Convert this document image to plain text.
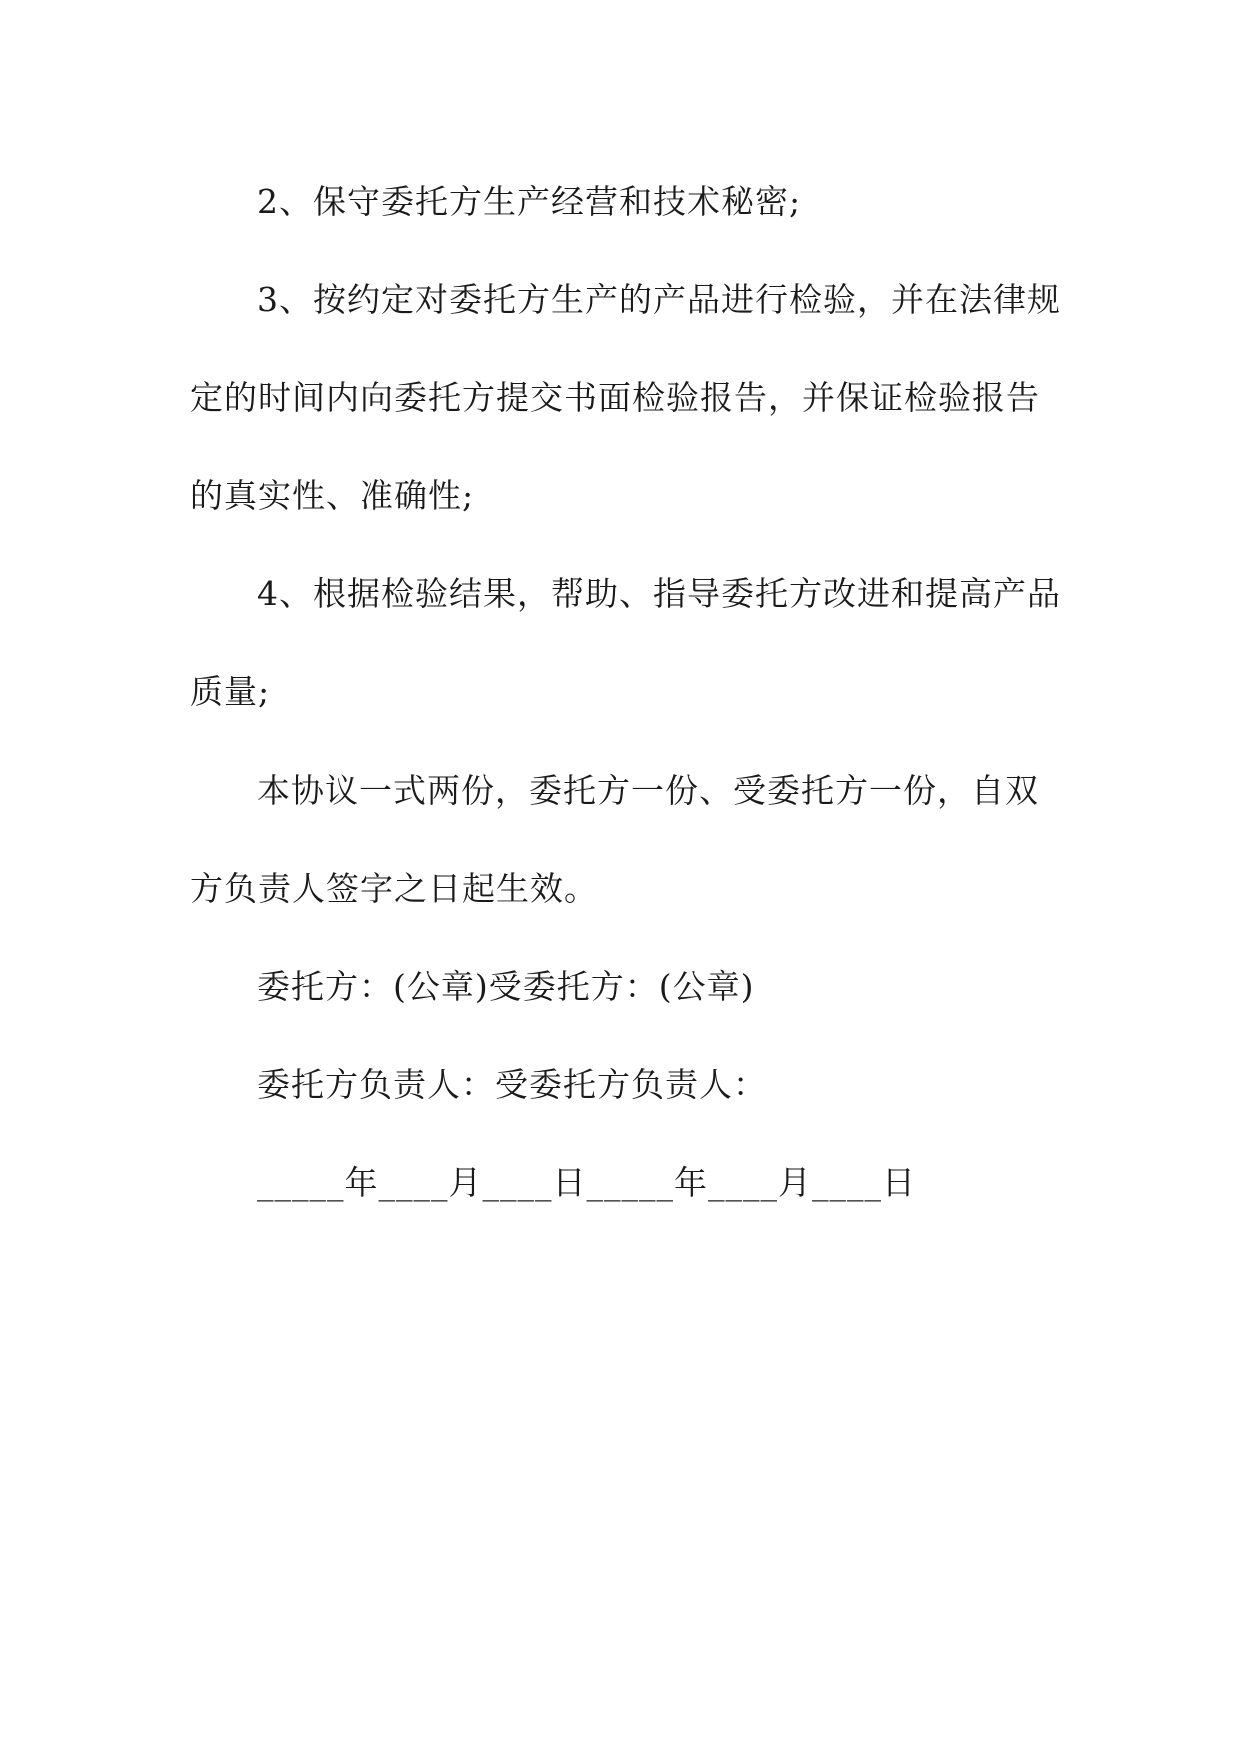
2、保守委托方生产经营和技术秘密;
3、按约定对委托方生产的产品进行检验，并在法律规
定的时间内向委托方提交书面检验报告，并保证检验报告
的真实性、准确性;
4、根据检验结果，帮助、指导委托方改进和提高产品
质量;
本协议一式两份，委托方一份、受委托方一份，自双
方负责人签字之日起生效。
委托方：(公章)受委托方：(公章)
委托方负责人：受委托方负责人：
_____年____月____日_____年____月____日
